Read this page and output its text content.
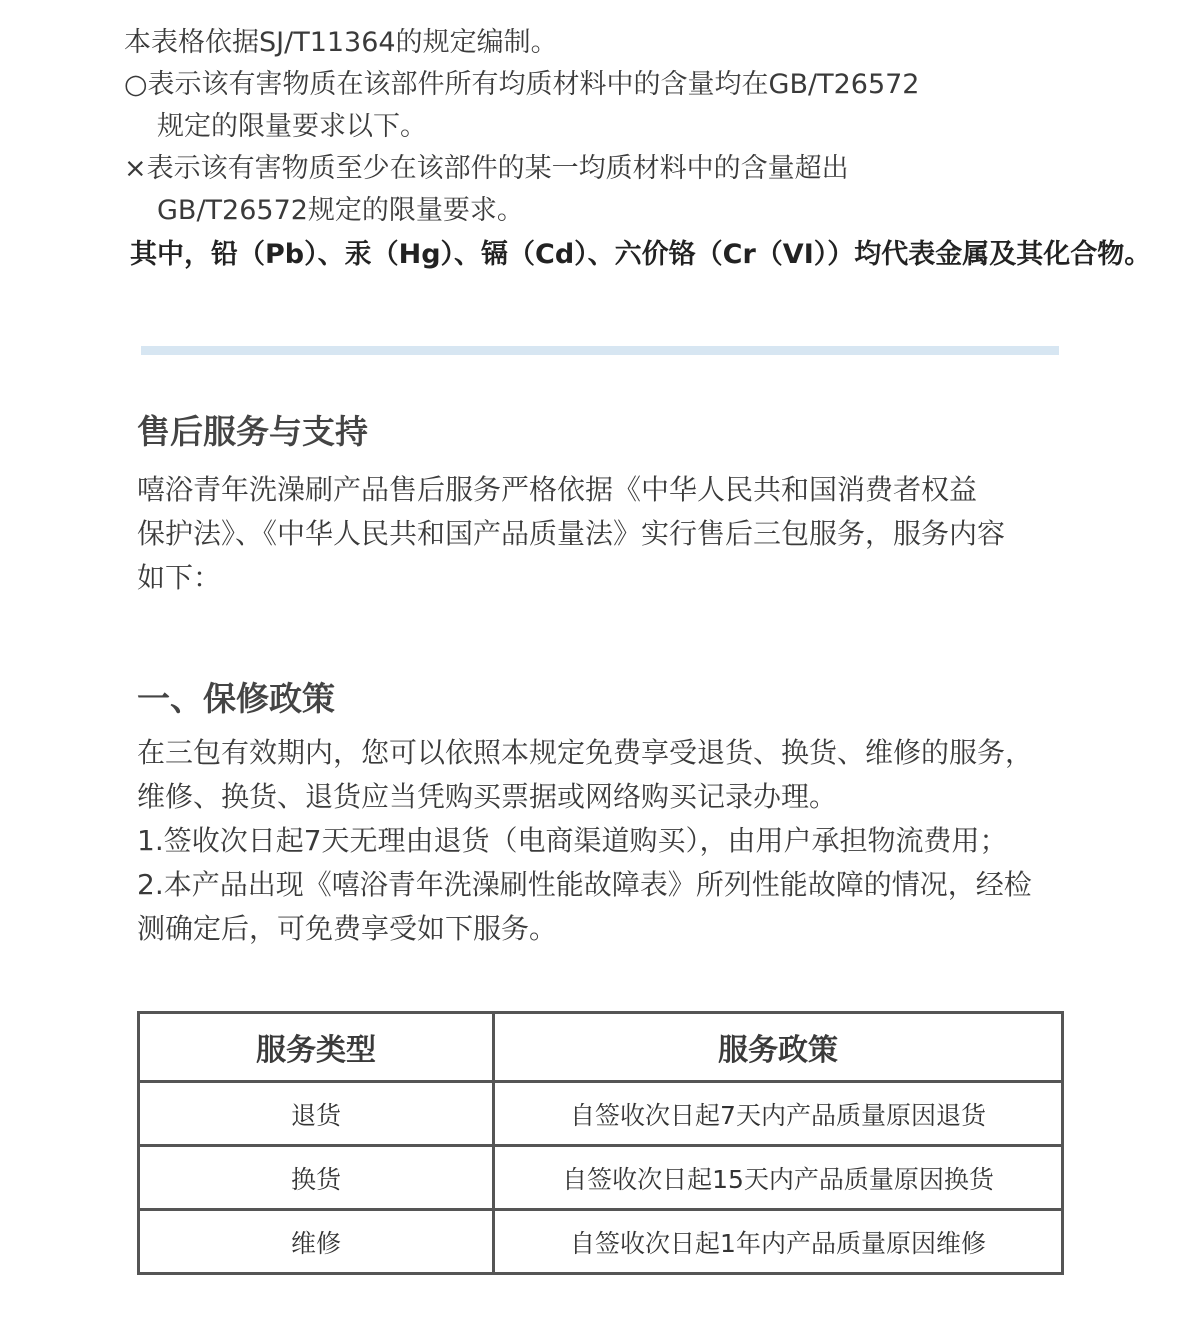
本表格依据SJ/T11364的规定编制。
○表示该有害物质在该部件所有均质材料中的含量均在GB/T26572
规定的限量要求以下。
×表示该有害物质至少在该部件的某一均质材料中的含量超出
GB/T26572规定的限量要求。
其中，铅（Pb）、汞（Hg）、镉（Cd）、六价铬（Cr（VI））均代表金属及其化合物。
售后服务与支持
嘻浴青年洗澡刷产品售后服务严格依据《中华人民共和国消费者权益
保护法》、《中华人民共和国产品质量法》实行售后三包服务，服务内容
如下：
一、保修政策
在三包有效期内，您可以依照本规定免费享受退货、换货、维修的服务，
维修、换货、退货应当凭购买票据或网络购买记录办理。
1.签收次日起7天无理由退货（电商渠道购买），由用户承担物流费用；
2.本产品出现《嘻浴青年洗澡刷性能故障表》所列性能故障的情况，经检
测确定后，可免费享受如下服务。
服务类型	服务政策
退货	自签收次日起7天内产品质量原因退货
换货	自签收次日起15天内产品质量原因换货
维修	自签收次日起1年内产品质量原因维修
